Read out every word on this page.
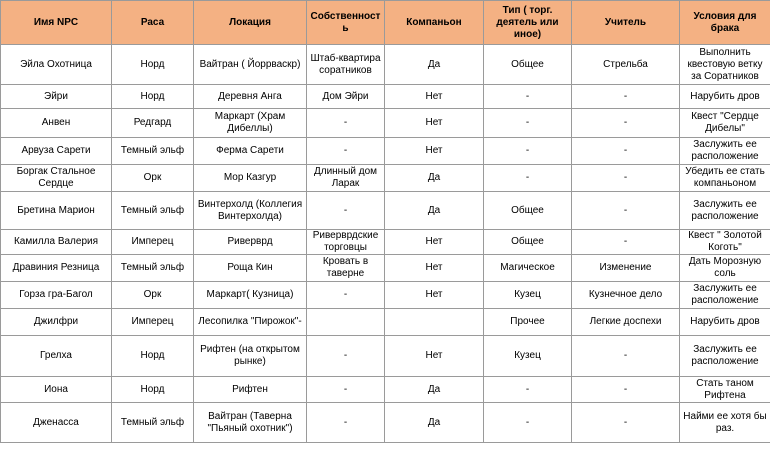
Имя NPC	Раса	Локация	Собственность	Компаньон	Тип ( торг. деятель или иное)	Учитель	Условия для брака
Эйла Охотница	Норд	Вайтран ( Йоррваскр)	Штаб-квартира соратников	Да	Общее	Стрельба	Выполнить квестовую ветку за Соратников
Эйри	Норд	Деревня Анга	Дом Эйри	Нет	-	-	Нарубить дров
Анвен	Редгард	Маркарт (Храм Дибеллы)	-	Нет	-	-	Квест "Сердце Дибелы"
Арвуза Сарети	Темный эльф	Ферма Сарети	-	Нет	-	-	Заслужить ее расположение
Боргак Стальное Сердце	Орк	Мор Казгур	Длинный дом Ларак	Да	-	-	Убедить ее стать компаньоном
Бретина Марион	Темный эльф	Винтерхолд (Коллегия Винтерхолда)	-	Да	Общее	-	Заслужить ее расположение
Камилла Валерия	Имперец	Риверврд	Риверврдские торговцы	Нет	Общее	-	Квест " Золотой Коготь"
Дравиния Резница	Темный эльф	Роща Кин	Кровать в таверне	Нет	Магическое	Изменение	Дать Морозную соль
Горза гра-Багол	Орк	Маркарт( Кузница)	-	Нет	Кузец	Кузнечное дело	Заслужить ее расположение
Джилфри	Имперец	Лесопилка "Пирожок"-			Прочее	Легкие доспехи	Нарубить дров
Грелха	Норд	Рифтен (на открытом рынке)	-	Нет	Кузец	-	Заслужить ее расположение
Иона	Норд	Рифтен	-	Да	-	-	Стать таном Рифтена
Дженасса	Темный эльф	Вайтран (Таверна "Пьяный охотник")	-	Да	-	-	Найми ее хотя бы раз.
